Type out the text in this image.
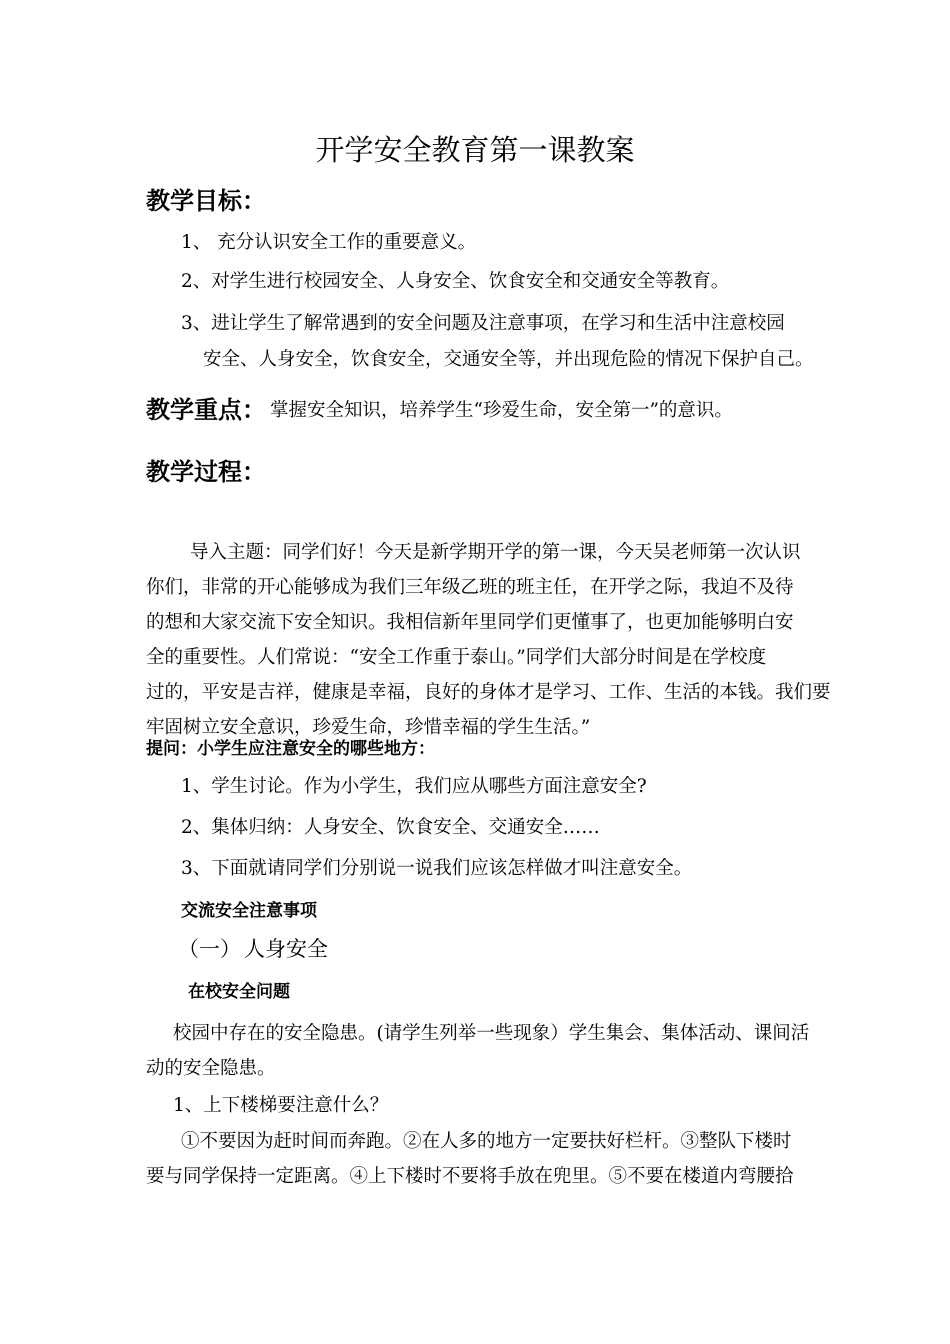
开学安全教育第一课教案
教学目标：
1、 充分认识安全工作的重要意义。
2、对学生进行校园安全、人身安全、饮食安全和交通安全等教育。
3、进让学生了解常遇到的安全问题及注意事项，在学习和生活中注意校园
安全、人身安全，饮食安全，交通安全等，并出现危险的情况下保护自己。
教学重点： 掌握安全知识，培养学生“珍爱生命，安全第一”的意识。
教学过程：
导入主题：同学们好！今天是新学期开学的第一课，今天吴老师第一次认识
你们，非常的开心能够成为我们三年级乙班的班主任，在开学之际，我迫不及待
的想和大家交流下安全知识。我相信新年里同学们更懂事了，也更加能够明白安
全的重要性。人们常说：“安全工作重于泰山。”同学们大部分时间是在学校度
过的，平安是吉祥，健康是幸福，良好的身体才是学习、工作、生活的本钱。我们要
牢固树立安全意识，珍爱生命，珍惜幸福的学生生活。”
提问：小学生应注意安全的哪些地方：
1、学生讨论。作为小学生，我们应从哪些方面注意安全?
2、集体归纳：人身安全、饮食安全、交通安全……
3、下面就请同学们分别说一说我们应该怎样做才叫注意安全。
交流安全注意事项
（一） 人身安全
在校安全问题
校园中存在的安全隐患。(请学生列举一些现象）学生集会、集体活动、课间活
动的安全隐患。
1、上下楼梯要注意什么？
①不要因为赶时间而奔跑。②在人多的地方一定要扶好栏杆。③整队下楼时
要与同学保持一定距离。④上下楼时不要将手放在兜里。⑤不要在楼道内弯腰拾
